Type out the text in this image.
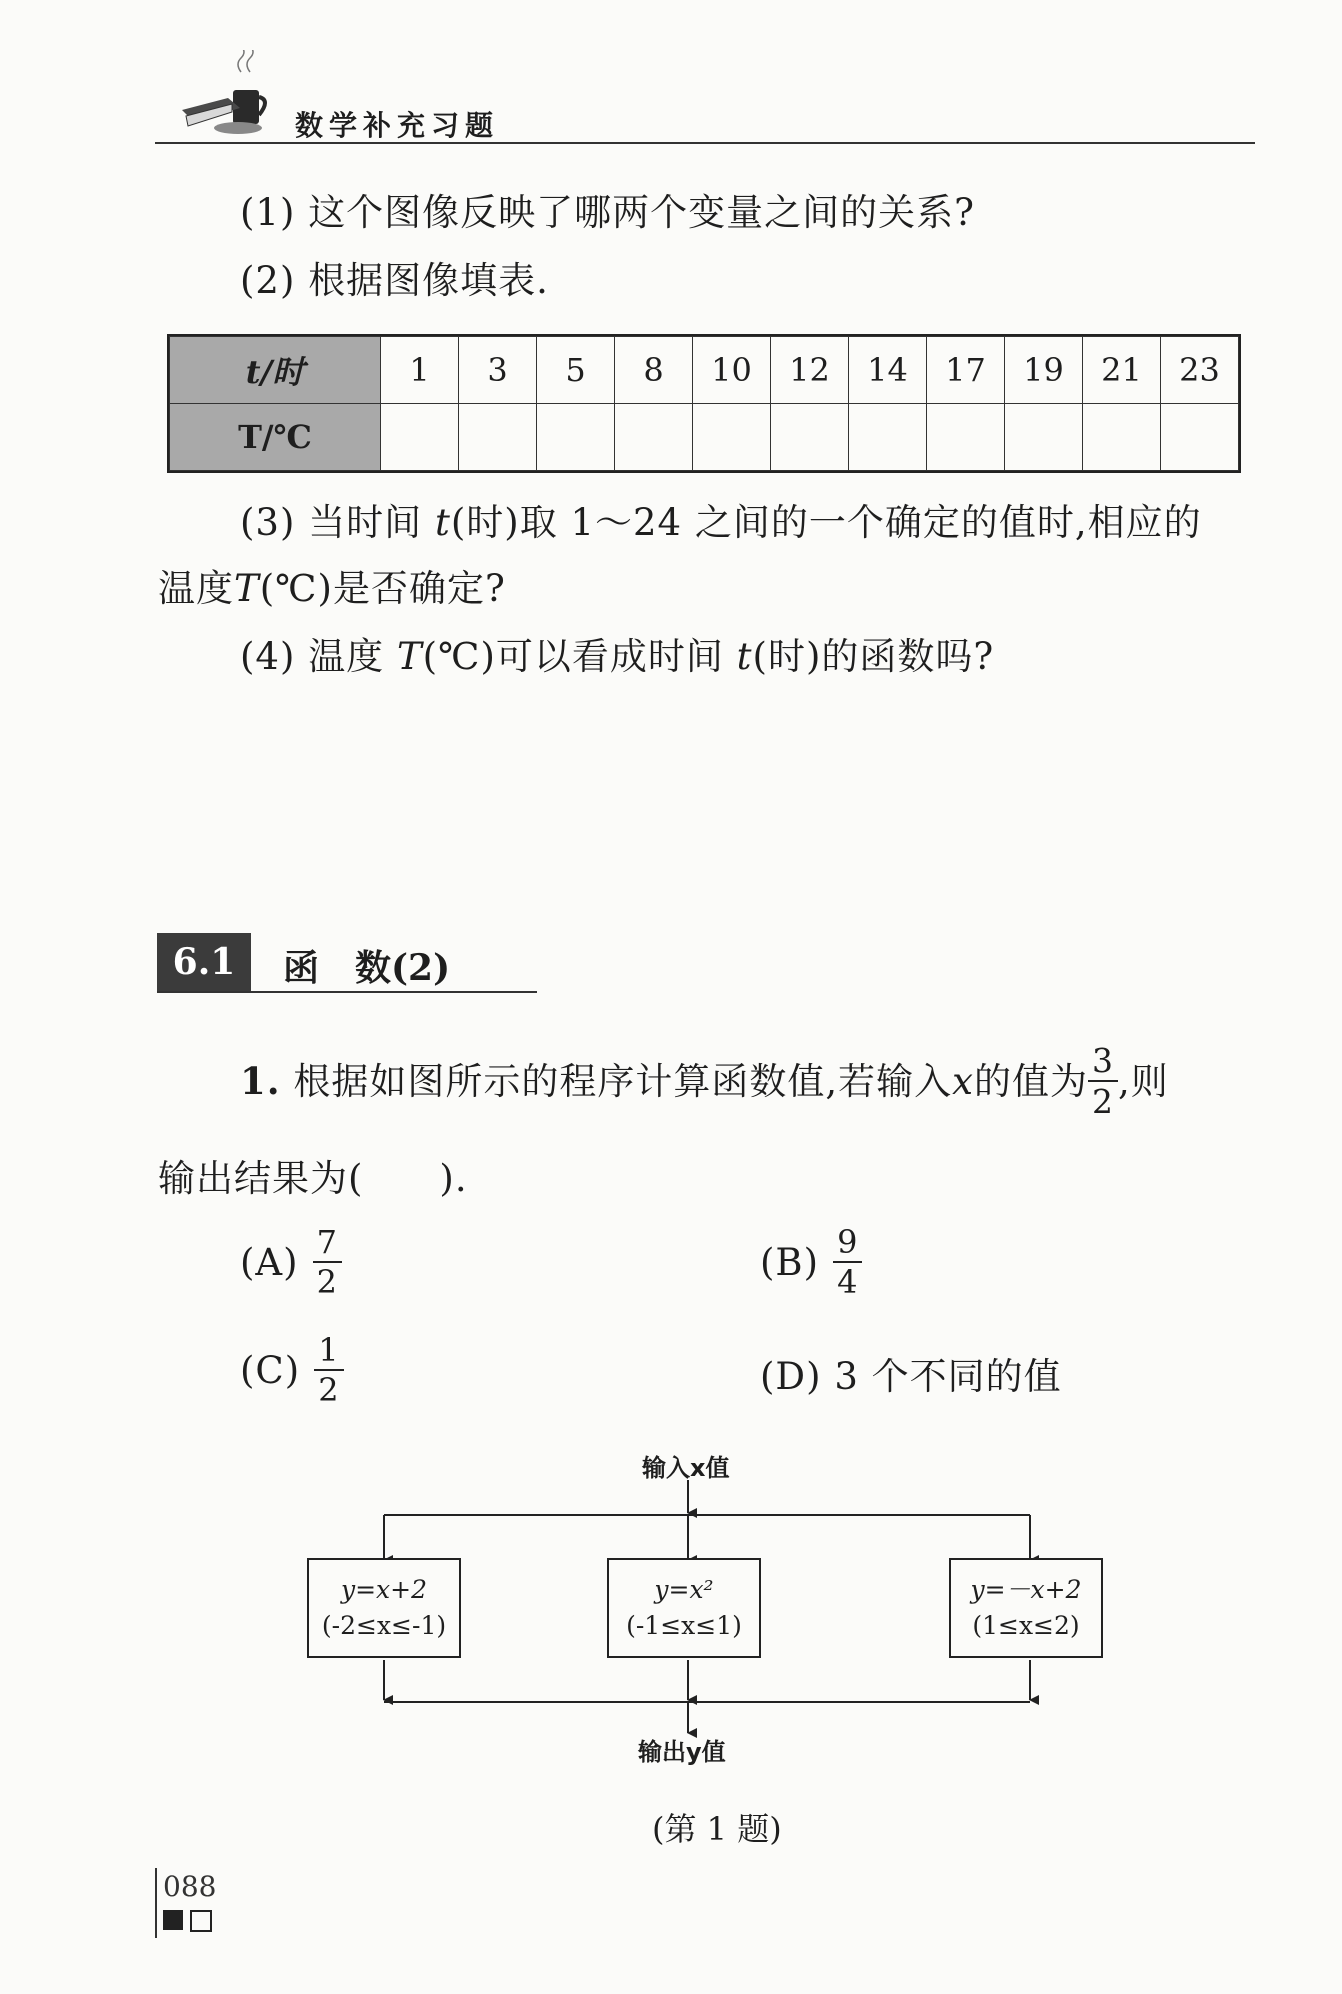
数学补充习题
(1) 这个图像反映了哪两个变量之间的关系?
(2) 根据图像填表.
t/时	1	3	5	8	10	12	14	17	19	21	23
T/℃											
(3) 当时间 t(时)取 1～24 之间的一个确定的值时,相应的
温度T(℃)是否确定?
(4) 温度 T(℃)可以看成时间 t(时)的函数吗?
6.1	函　数(2)
1.
根据如图所示的程序计算函数值,若输入 x 的值为 $\frac{3}{2}$ ,则
输出结果为(　　).
$(A) \frac{7}{2}$	$(B) \frac{9}{4}$
$(C) \frac{1}{2}$	(D) 3 个不同的值
输入x值
y=x+2
(-2≤x≤-1)
y=x²
(-1≤x≤1)
y=－x+2
(1≤x≤2)
输出y值
(第 1 题)
088
